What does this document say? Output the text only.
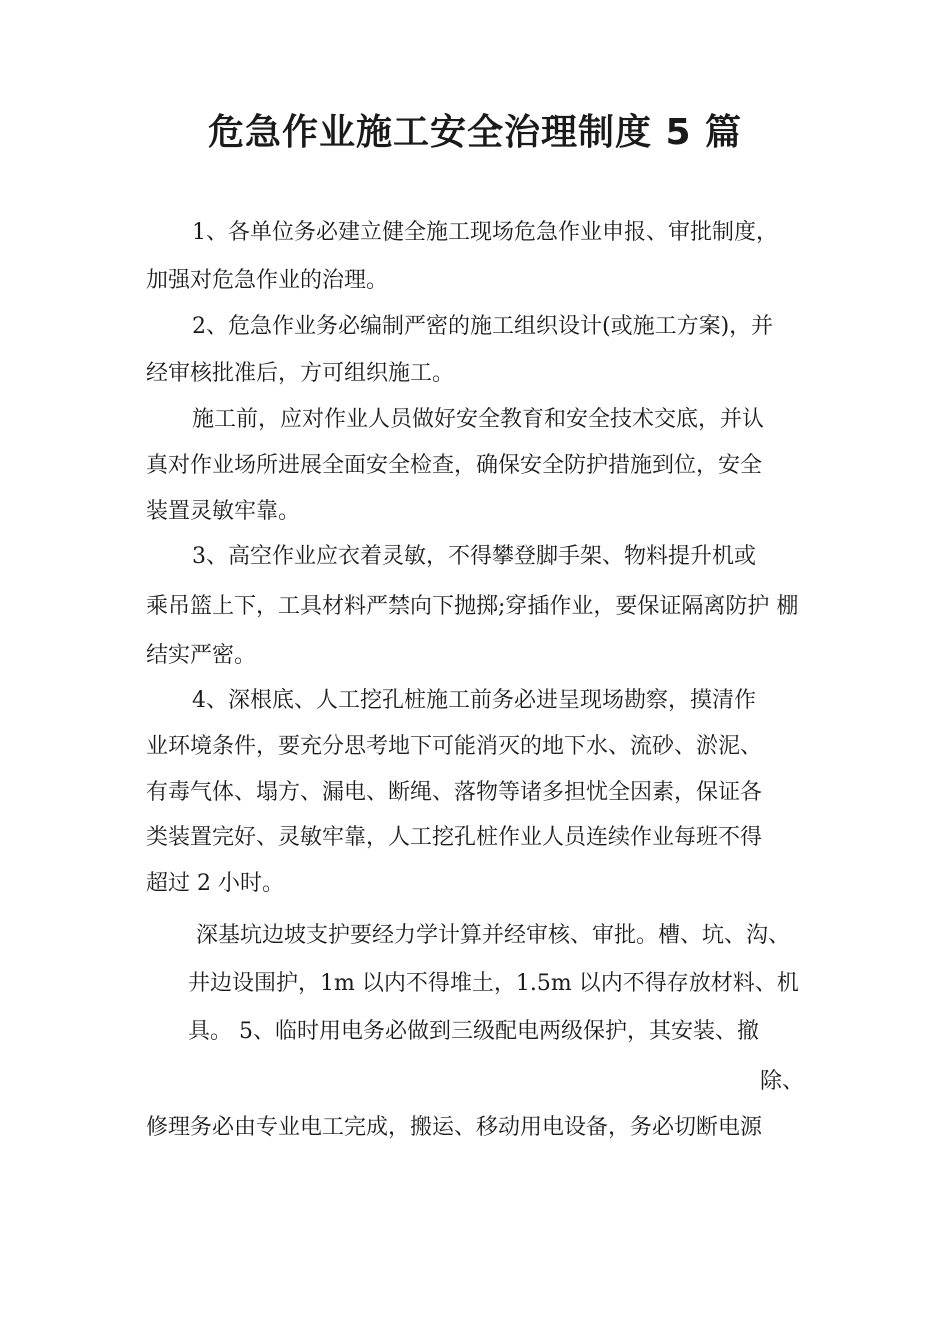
危急作业施工安全治理制度 5 篇
1、各单位务必建立健全施工现场危急作业申报、审批制度，
加强对危急作业的治理。
2、危急作业务必编制严密的施工组织设计(或施工方案)，并
经审核批准后，方可组织施工。
施工前，应对作业人员做好安全教育和安全技术交底，并认
真对作业场所进展全面安全检查，确保安全防护措施到位，安全
装置灵敏牢靠。
3、高空作业应衣着灵敏，不得攀登脚手架、物料提升机或
乘吊篮上下，工具材料严禁向下抛掷;穿插作业，要保证隔离防护 棚
结实严密。
4、深根底、人工挖孔桩施工前务必进呈现场勘察，摸清作
业环境条件，要充分思考地下可能消灭的地下水、流砂、淤泥、
有毒气体、塌方、漏电、断绳、落物等诸多担忧全因素，保证各
类装置完好、灵敏牢靠，人工挖孔桩作业人员连续作业每班不得
超过 2 小时。
深基坑边坡支护要经力学计算并经审核、审批。槽、坑、沟、
井边设围护，1m 以内不得堆土，1.5m 以内不得存放材料、机
具。 5、临时用电务必做到三级配电两级保护，其安装、撤
除、
修理务必由专业电工完成，搬运、移动用电设备，务必切断电源
